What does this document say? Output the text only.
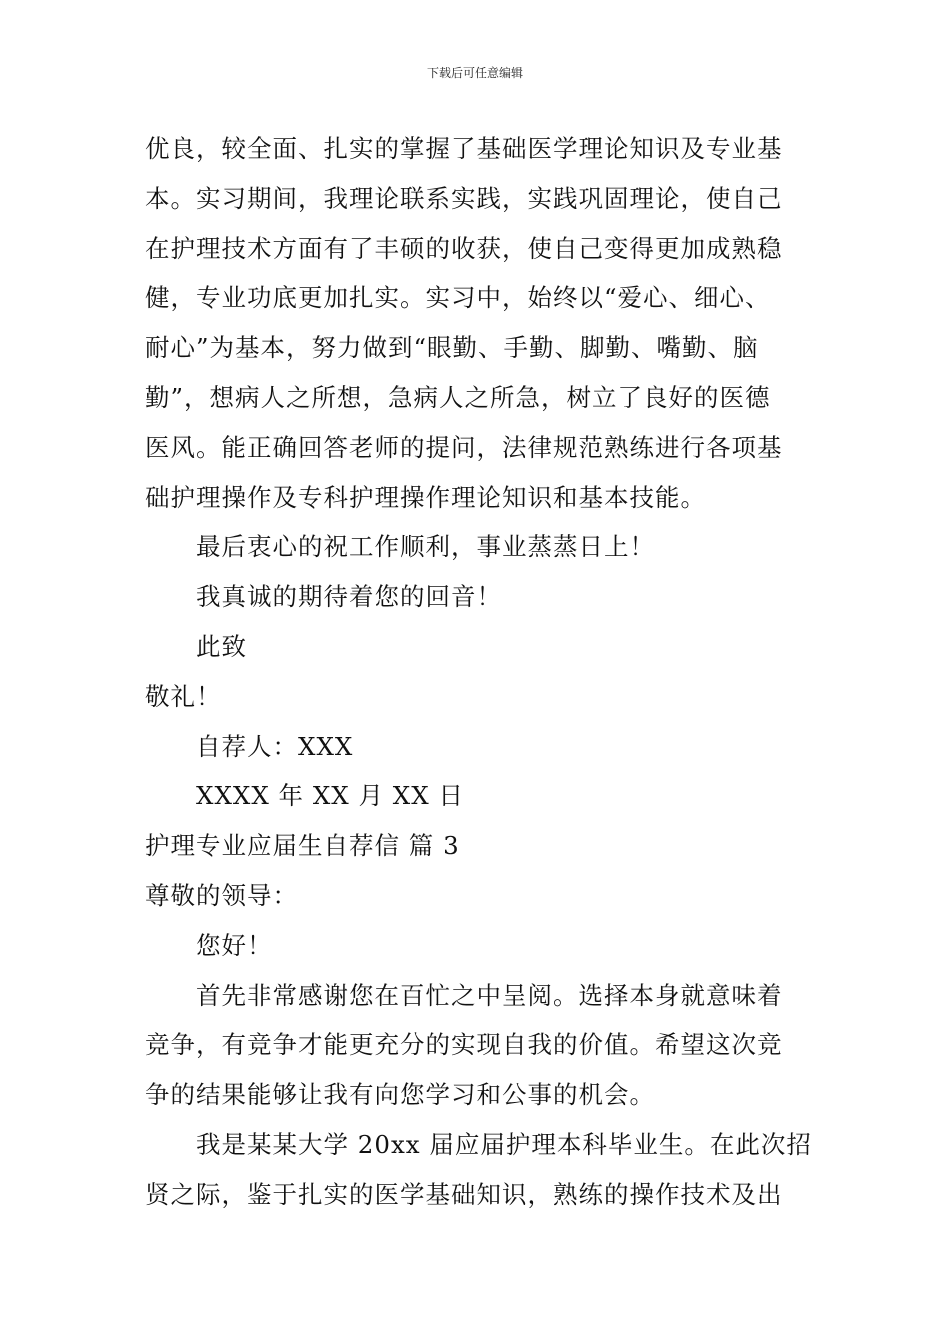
下载后可任意编辑
优良，较全面、扎实的掌握了基础医学理论知识及专业基
本。实习期间，我理论联系实践，实践巩固理论，使自己
在护理技术方面有了丰硕的收获，使自己变得更加成熟稳
健，专业功底更加扎实。实习中，始终以“爱心、细心、
耐心”为基本，努力做到“眼勤、手勤、脚勤、嘴勤、脑
勤”，想病人之所想，急病人之所急，树立了良好的医德
医风。能正确回答老师的提问，法律规范熟练进行各项基
础护理操作及专科护理操作理论知识和基本技能。
最后衷心的祝工作顺利，事业蒸蒸日上！
我真诚的期待着您的回音！
此致
敬礼！
自荐人：XXX
XXXX 年 XX 月 XX 日
护理专业应届生自荐信 篇 3
尊敬的领导：
您好！
首先非常感谢您在百忙之中呈阅。选择本身就意味着
竞争，有竞争才能更充分的实现自我的价值。希望这次竞
争的结果能够让我有向您学习和公事的机会。
我是某某大学 20xx 届应届护理本科毕业生。在此次招
贤之际，鉴于扎实的医学基础知识，熟练的操作技术及出
